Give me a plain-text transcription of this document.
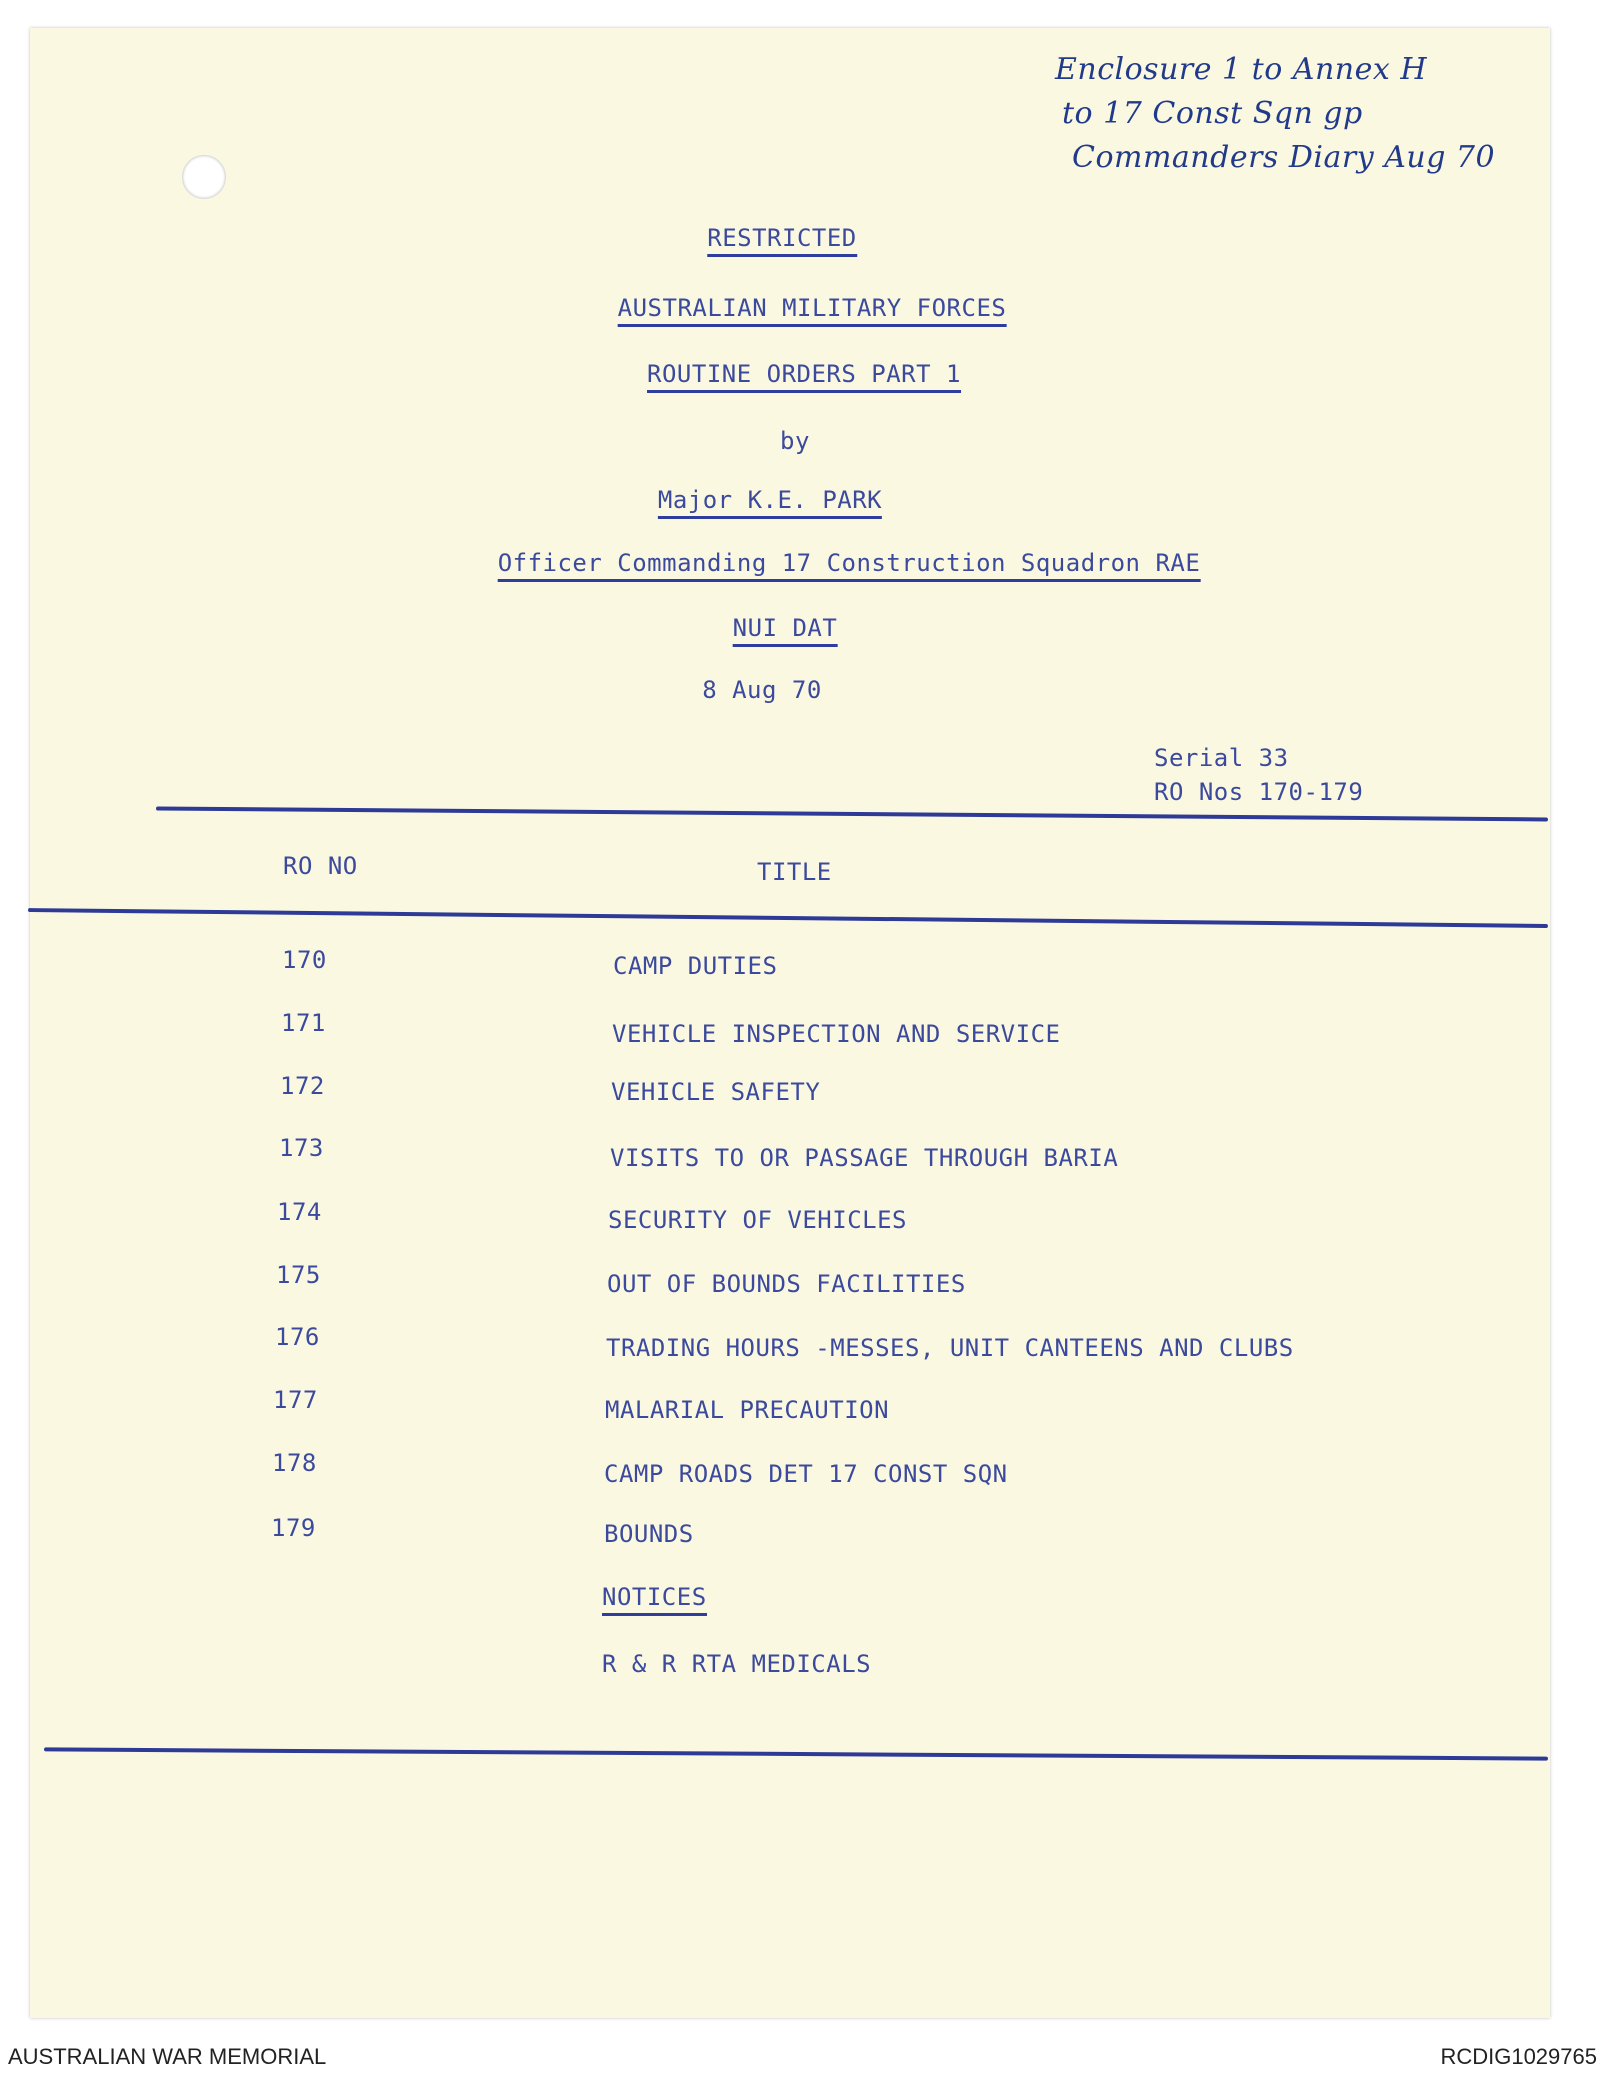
Enclosure 1 to Annex H
to 17 Const Sqn gp
Commanders Diary Aug 70
RESTRICTED
AUSTRALIAN MILITARY FORCES
ROUTINE ORDERS PART 1
by
Major K.E. PARK
Officer Commanding 17 Construction Squadron RAE
NUI DAT
8 Aug 70
Serial 33
RO Nos 170-179
RO NO	TITLE
170	CAMP DUTIES
171	VEHICLE INSPECTION AND SERVICE
172	VEHICLE SAFETY
173	VISITS TO OR PASSAGE THROUGH BARIA
174	SECURITY OF VEHICLES
175	OUT OF BOUNDS FACILITIES
176	TRADING HOURS -MESSES, UNIT CANTEENS AND CLUBS
177	MALARIAL PRECAUTION
178	CAMP ROADS DET 17 CONST SQN
179	BOUNDS
NOTICES
R & R RTA MEDICALS
AUSTRALIAN WAR MEMORIAL	RCDIG1029765
